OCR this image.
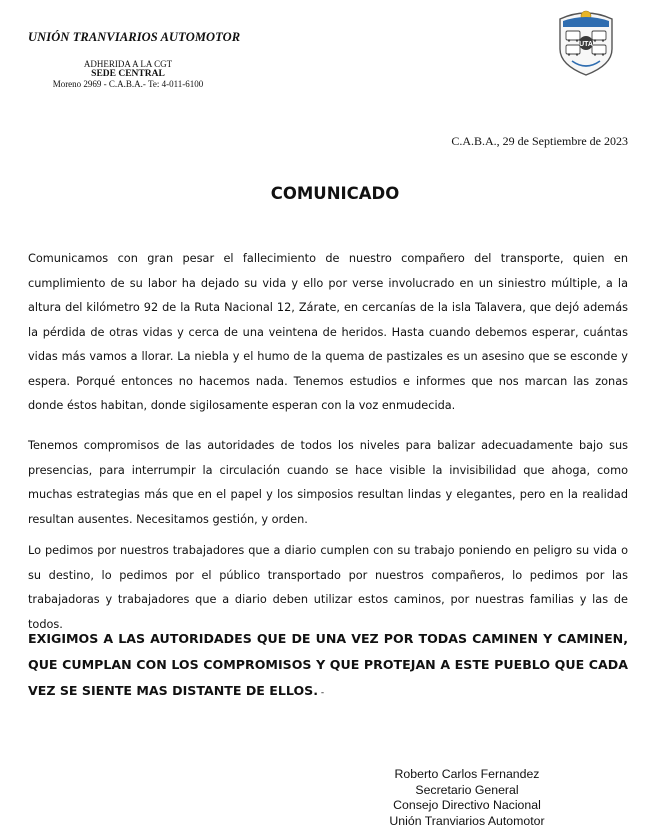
UNIÓN TRANVIARIOS AUTOMOTOR
ADHERIDA A LA CGT
SEDE CENTRAL
Moreno 2969 - C.A.B.A.- Te: 4-011-6100
UTA
C.A.B.A., 29 de Septiembre de 2023
COMUNICADO
Comunicamos con gran pesar el fallecimiento de nuestro compañero del transporte, quien en cumplimiento de su labor ha dejado su vida y ello por verse involucrado en un siniestro múltiple, a la altura del kilómetro 92 de la Ruta Nacional 12, Zárate, en cercanías de la isla Talavera, que dejó además la pérdida de otras vidas y cerca de una veintena de heridos. Hasta cuando debemos esperar, cuántas vidas más vamos a llorar. La niebla y el humo de la quema de pastizales es un asesino que se esconde y espera. Porqué entonces no hacemos nada. Tenemos estudios e informes que nos marcan las zonas donde éstos habitan, donde sigilosamente esperan con la voz enmudecida.
Tenemos compromisos de las autoridades de todos los niveles para balizar adecuadamente bajo sus presencias, para interrumpir la circulación cuando se hace visible la invisibilidad que ahoga, como muchas estrategias más que en el papel y los simposios resultan lindas y elegantes, pero en la realidad resultan ausentes. Necesitamos gestión, y orden.
Lo pedimos por nuestros trabajadores que a diario cumplen con su trabajo poniendo en peligro su vida o su destino, lo pedimos por el público transportado por nuestros compañeros, lo pedimos por las trabajadoras y trabajadores que a diario deben utilizar estos caminos, por nuestras familias y las de todos.
EXIGIMOS A LAS AUTORIDADES QUE DE UNA VEZ POR TODAS CAMINEN Y CAMINEN, QUE CUMPLAN CON LOS COMPROMISOS Y QUE PROTEJAN A ESTE PUEBLO QUE CADA VEZ SE SIENTE MAS DISTANTE DE ELLOS. -
Roberto Carlos Fernandez
Secretario General
Consejo Directivo Nacional
Unión Tranviarios Automotor
